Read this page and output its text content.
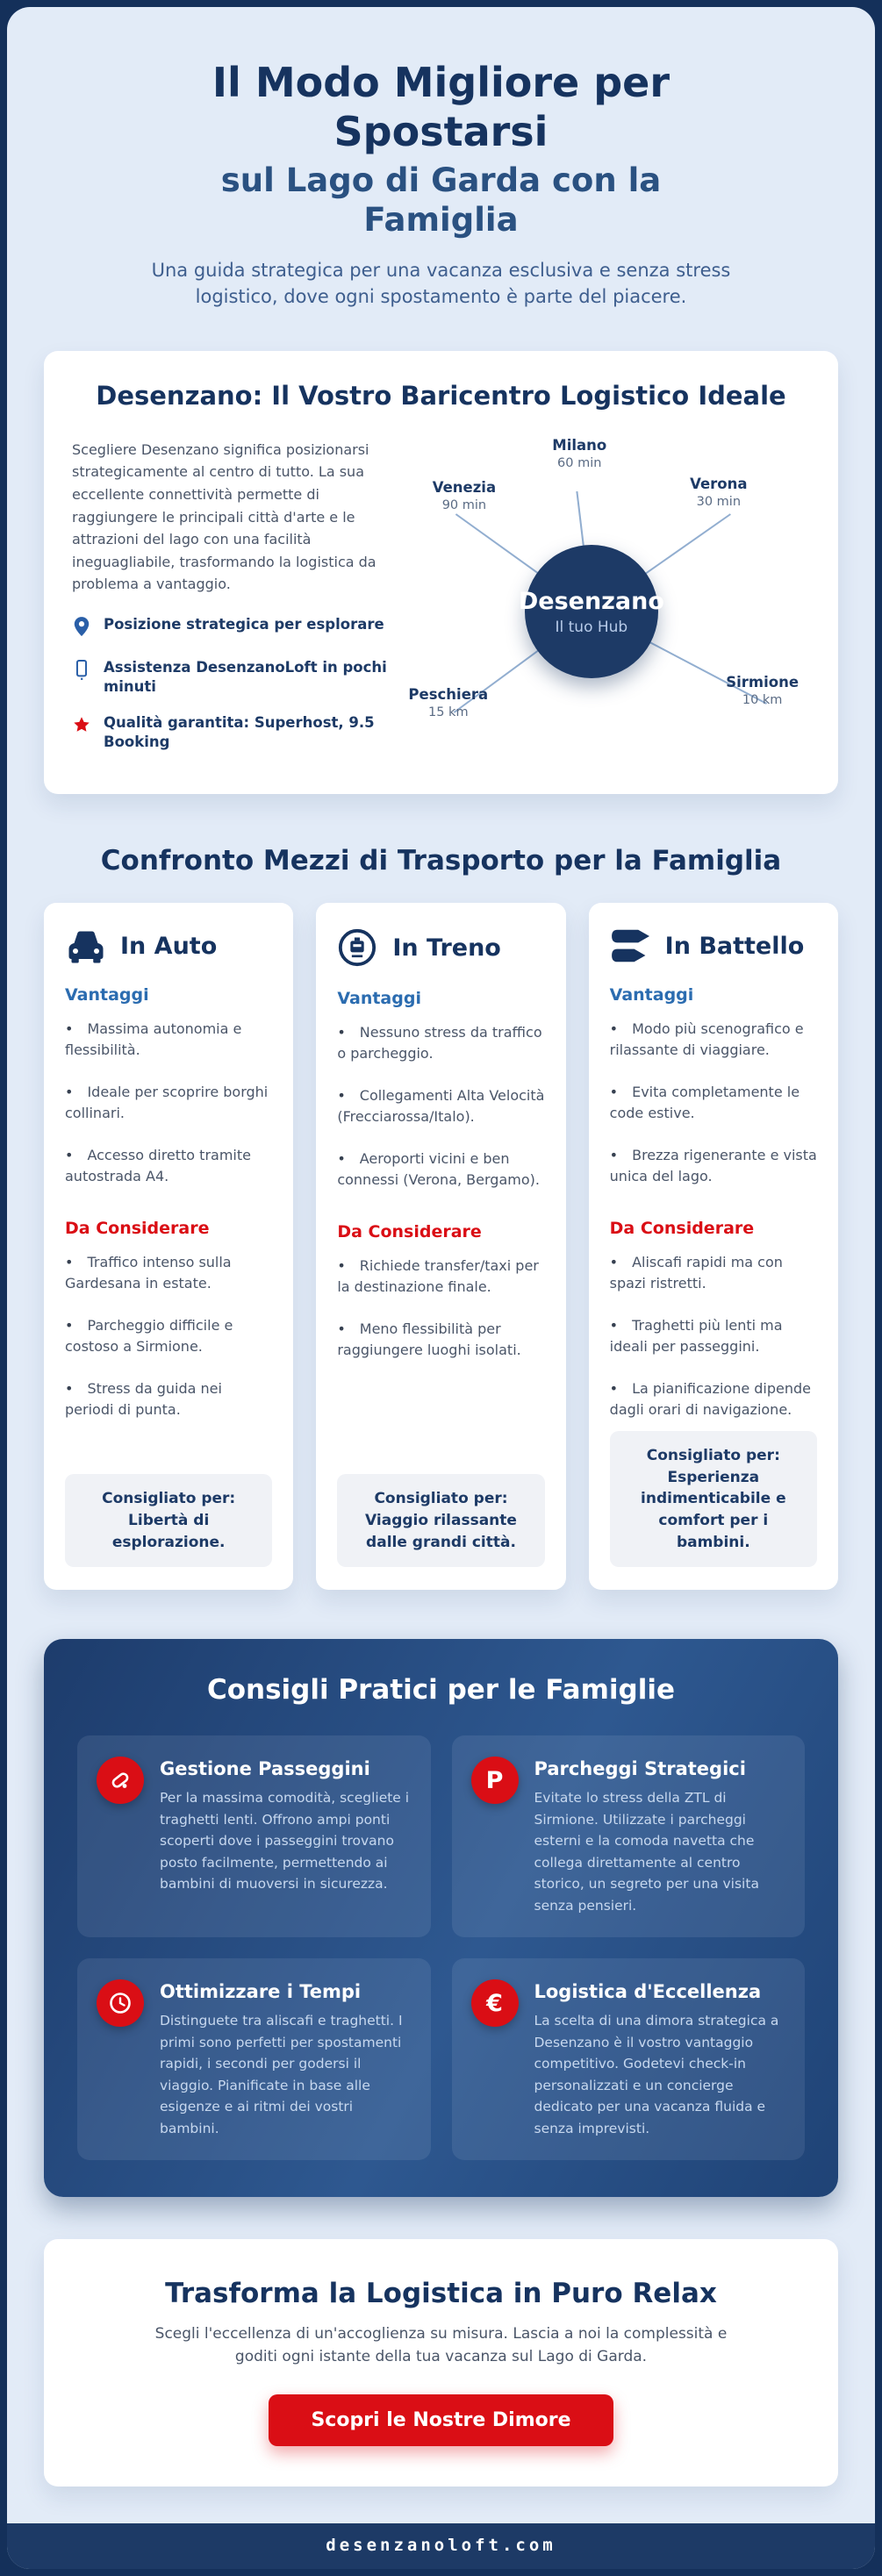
Il Modo Migliore per Spostarsi
sul Lago di Garda con la Famiglia

Una guida strategica per una vacanza esclusiva e senza stress logistico, dove ogni spostamento è parte del piacere.

Desenzano: Il Vostro Baricentro Logistico Ideale

Scegliere Desenzano significa posizionarsi strategicamente al centro di tutto. La sua eccellente connettività permette di raggiungere le principali città d'arte e le attrazioni del lago con una facilità ineguagliabile, trasformando la logistica da problema a vantaggio.

Posizione strategica per esplorare
Assistenza DesenzanoLoft in pochi minuti
Qualità garantita: Superhost, 9.5 Booking
Milano
60 min
Venezia
90 min
Verona
30 min
Peschiera
15 km
Sirmione
10 km
Desenzano
Il tuo Hub
Confronto Mezzi di Trasporto per la Famiglia
In Auto
Vantaggi

•  Massima autonomia e flessibilità.

•  Ideale per scoprire borghi collinari.

•  Accesso diretto tramite autostrada A4.

Da Considerare

•  Traffico intenso sulla Gardesana in estate.

•  Parcheggio difficile e costoso a Sirmione.

•  Stress da guida nei periodi di punta.

Consigliato per: Libertà di esplorazione.
In Treno
Vantaggi

•  Nessuno stress da traffico o parcheggio.

•  Collegamenti Alta Velocità (Frecciarossa/Italo).

•  Aeroporti vicini e ben connessi (Verona, Bergamo).

Da Considerare

•  Richiede transfer/taxi per la destinazione finale.

•  Meno flessibilità per raggiungere luoghi isolati.

Consigliato per: Viaggio rilassante dalle grandi città.
In Battello
Vantaggi

•  Modo più scenografico e rilassante di viaggiare.

•  Evita completamente le code estive.

•  Brezza rigenerante e vista unica del lago.

Da Considerare

•  Aliscafi rapidi ma con spazi ristretti.

•  Traghetti più lenti ma ideali per passeggini.

•  La pianificazione dipende dagli orari di navigazione.

Consigliato per: Esperienza indimenticabile e comfort per i bambini.
Consigli Pratici per le Famiglie
Gestione Passeggini
Per la massima comodità, scegliete i traghetti lenti. Offrono ampi ponti scoperti dove i passeggini trovano posto facilmente, permettendo ai bambini di muoversi in sicurezza.
P Parcheggi Strategici
Evitate lo stress della ZTL di Sirmione. Utilizzate i parcheggi esterni e la comoda navetta che collega direttamente al centro storico, un segreto per una visita senza pensieri.
Ottimizzare i Tempi
Distinguete tra aliscafi e traghetti. I primi sono perfetti per spostamenti rapidi, i secondi per godersi il viaggio. Pianificate in base alle esigenze e ai ritmi dei vostri bambini.
€ Logistica d'Eccellenza
La scelta di una dimora strategica a Desenzano è il vostro vantaggio competitivo. Godetevi check-in personalizzati e un concierge dedicato per una vacanza fluida e senza imprevisti.
Trasforma la Logistica in Puro Relax

Scegli l'eccellenza di un'accoglienza su misura. Lascia a noi la complessità e goditi ogni istante della tua vacanza sul Lago di Garda.

Scopri le Nostre Dimore
desenzanoloft.com
